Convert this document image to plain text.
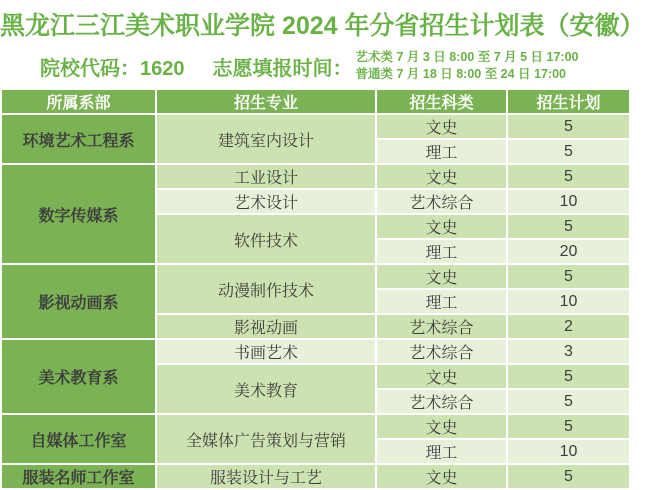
黑龙江三江美术职业学院 2024 年分省招生计划表（安徽）
院校代码：1620 志愿填报时间：
艺术类 7 月 3 日 8:00 至 7 月 5 日 17:00
普通类 7 月 18 日 8:00 至 24 日 17:00
所属系部	招生专业	招生科类	招生计划
环境艺术工程系	建筑室内设计	文史	5
		理工	5
数字传媒系	工业设计	文史	5
	艺术设计	艺术综合	10
	软件技术	文史	5
		理工	20
影视动画系	动漫制作技术	文史	5
		理工	10
	影视动画	艺术综合	2
美术教育系	书画艺术	艺术综合	3
	美术教育	文史	5
		艺术综合	5
自媒体工作室	全媒体广告策划与营销	文史	5
		理工	10
服装名师工作室	服装设计与工艺	文史	5
